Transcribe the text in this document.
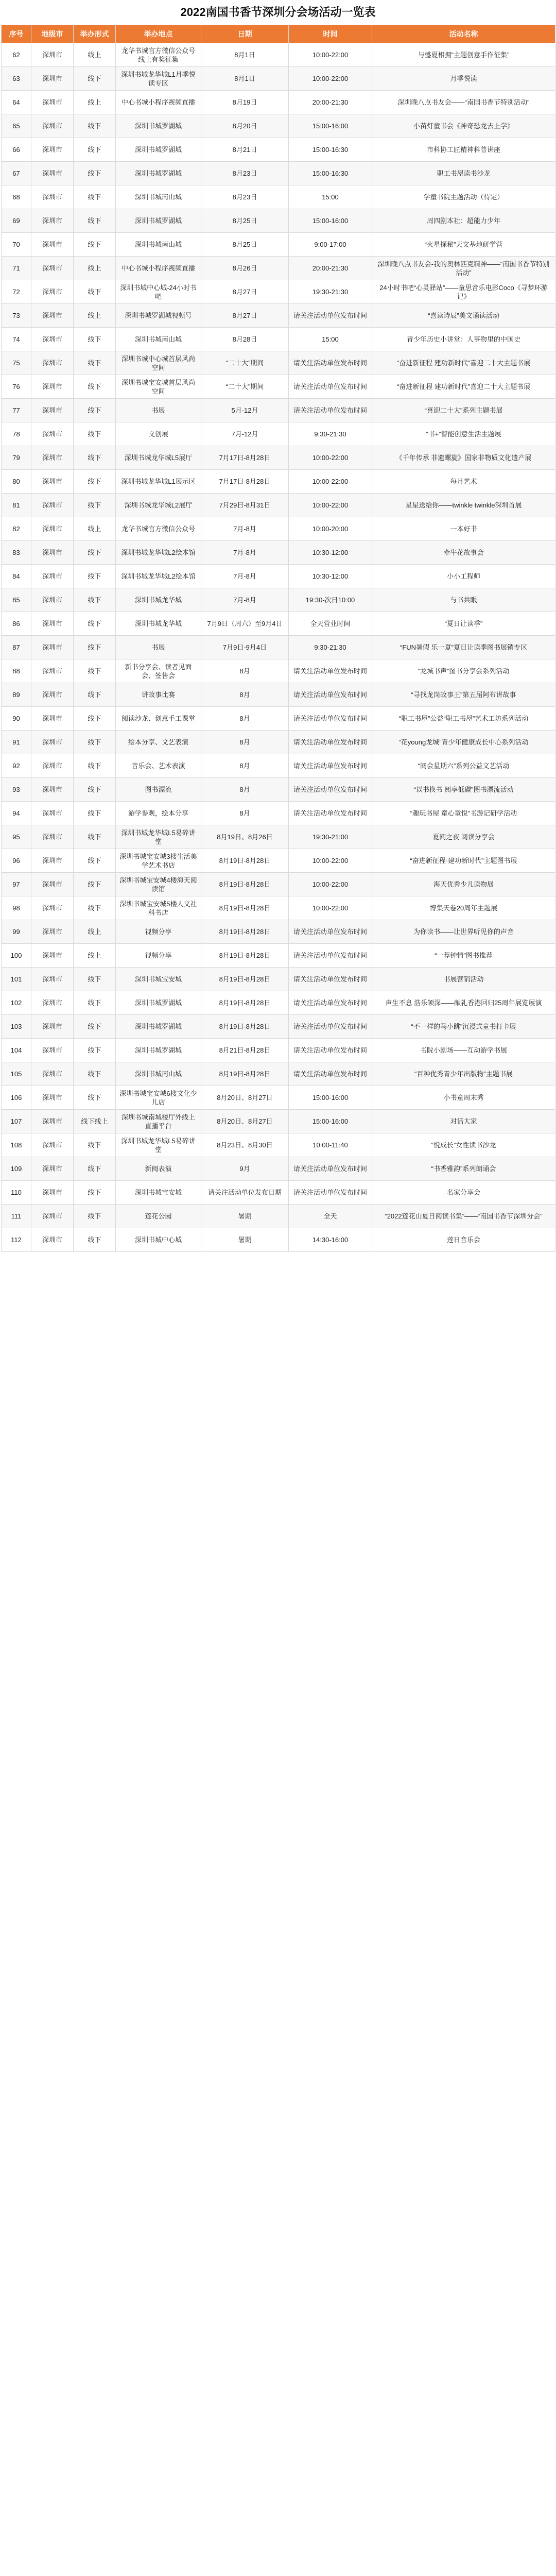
2022南国书香节深圳分会场活动一览表
序号	地级市	举办形式	举办地点	日期	时间	活动名称
62	深圳市	线上	龙华书城官方微信公众号线上有奖征集	8月1日	10:00-22:00	与盛夏相拥“主题创意手作征集”
63	深圳市	线下	深圳书城龙华城L1月季悦读专区	8月1日	10:00-22:00	月季悦读
64	深圳市	线上	中心书城小程序视频直播	8月19日	20:00-21:30	深圳晚八点书友会——“南国书香节特别活动”
65	深圳市	线下	深圳书城罗湖城	8月20日	15:00-16:00	小苗灯童书会《神奇恐龙去上学》
66	深圳市	线下	深圳书城罗湖城	8月21日	15:00-16:30	市科协工匠精神科普讲座
67	深圳市	线下	深圳书城罗湖城	8月23日	15:00-16:30	职工书屋读书沙龙
68	深圳市	线下	深圳书城南山城	8月23日	15:00	学童书院主题活动（待定）
69	深圳市	线下	深圳书城罗湖城	8月25日	15:00-16:00	周四剧本社：超能力少年
70	深圳市	线下	深圳书城南山城	8月25日	9:00-17:00	“火星探秘”天文基地研学营
71	深圳市	线上	中心书城小程序视频直播	8月26日	20:00-21:30	深圳晚八点书友会-我的奥林匹克精神——“南国书香节特别活动”
72	深圳市	线下	深圳书城中心城-24小时书吧	8月27日	19:30-21:30	24小时书吧“心灵驿站”——童思音乐电影Coco《寻梦环游记》
73	深圳市	线上	深圳书城罗湖城视频号	8月27日	请关注活动单位发布时间	“喜读诗辰”美文诵读活动
74	深圳市	线下	深圳书城南山城	8月28日	15:00	青少年历史小讲堂：人事物里的中国史
75	深圳市	线下	深圳书城中心城首层风尚空间	“二十大”期间	请关注活动单位发布时间	“奋进新征程 建功新时代”喜迎二十大主题书展
76	深圳市	线下	深圳书城宝安城首层风尚空间	“二十大”期间	请关注活动单位发布时间	“奋进新征程 建功新时代”喜迎二十大主题书展
77	深圳市	线下	书展	5月-12月	请关注活动单位发布时间	“喜迎二十大”系列主题书展
78	深圳市	线下	文创展	7月-12月	9:30-21:30	“书+”智能创意生活主题展
79	深圳市	线下	深圳书城龙华城L5展厅	7月17日-8月28日	10:00-22:00	《千年传承 非遗螺旋》国家非物质文化遗产展
80	深圳市	线下	深圳书城龙华城L1展示区	7月17日-8月28日	10:00-22:00	每月艺术
81	深圳市	线下	深圳书城龙华城L2展厅	7月29日-8月31日	10:00-22:00	星星送给你——twinkle twinkle深圳首展
82	深圳市	线上	龙华书城官方微信公众号	7月-8月	10:00-20:00	一本好书
83	深圳市	线下	深圳书城龙华城L2绘本馆	7月-8月	10:30-12:00	牵牛花故事会
84	深圳市	线下	深圳书城龙华城L2绘本馆	7月-8月	10:30-12:00	小小工程师
85	深圳市	线下	深圳书城龙华城	7月-8月	19:30-次日10:00	与书共眠
86	深圳市	线下	深圳书城龙华城	7月9日（周六）至9月4日	全天营业时间	“夏日让读季”
87	深圳市	线下	书展	7月9日-9月4日	9:30-21:30	“FUN暑假 乐一夏”夏日让读季图书展销专区
88	深圳市	线下	新书分享会、读者见面会、签售会	8月	请关注活动单位发布时间	“龙城书声”图书分享会系列活动
89	深圳市	线下	讲故事比赛	8月	请关注活动单位发布时间	“寻找龙岗故事王”第五届阿布讲故事
90	深圳市	线下	阅读沙龙、创意手工课堂	8月	请关注活动单位发布时间	“职工书屋”公益“职工书屋”艺术工坊系列活动
91	深圳市	线下	绘本分享、文艺表演	8月	请关注活动单位发布时间	“花young龙城”青少年健康成长中心系列活动
92	深圳市	线下	音乐会、艺术表演	8月	请关注活动单位发布时间	“阅会星期六”系列公益文艺活动
93	深圳市	线下	图书漂流	8月	请关注活动单位发布时间	“以书换书 阅享低碳”图书漂流活动
94	深圳市	线下	游学参观，绘本分享	8月	请关注活动单位发布时间	“趣玩书屋 童心童悦”书游记研学活动
95	深圳市	线下	深圳书城龙华城L5易碎讲堂	8月19日、8月26日	19:30-21:00	夏阅之夜 阅读分享会
96	深圳市	线下	深圳书城宝安城3楼生活美学艺术书店	8月19日-8月28日	10:00-22:00	“奋进新征程·建功新时代”主题图书展
97	深圳市	线下	深圳书城宝安城4楼海天阅读馆	8月19日-8月28日	10:00-22:00	海天优秀少儿读物展
98	深圳市	线下	深圳书城宝安城5楼人文社科书店	8月19日-8月28日	10:00-22:00	博集天卷20周年主题展
99	深圳市	线上	视频分享	8月19日-8月28日	请关注活动单位发布时间	为你读书——让世界听见你的声音
100	深圳市	线上	视频分享	8月19日-8月28日	请关注活动单位发布时间	“一荐钟情”图书推荐
101	深圳市	线下	深圳书城宝安城	8月19日-8月28日	请关注活动单位发布时间	书展营销活动
102	深圳市	线下	深圳书城罗湖城	8月19日-8月28日	请关注活动单位发布时间	声生不息 浩乐领深——献礼香港回归25周年展览展演
103	深圳市	线下	深圳书城罗湖城	8月19日-8月28日	请关注活动单位发布时间	“不一样的马小跳”沉浸式童书打卡展
104	深圳市	线下	深圳书城罗湖城	8月21日-8月28日	请关注活动单位发布时间	书院小剧场——互动游学书展
105	深圳市	线下	深圳书城南山城	8月19日-8月28日	请关注活动单位发布时间	“百种优秀青少年出版物”主题书展
106	深圳市	线下	深圳书城宝安城6楼文化少儿店	8月20日、8月27日	15:00-16:00	小书童周末秀
107	深圳市	线下线上	深圳书城南城楼厅外线上直播平台	8月20日、8月27日	15:00-16:00	对话大家
108	深圳市	线下	深圳书城龙华城L5易碎讲堂	8月23日、8月30日	10:00-11:40	“悦成长”女性读书沙龙
109	深圳市	线下	新阅表演	9月	请关注活动单位发布时间	“书香雅韵”系列朗诵会
110	深圳市	线下	深圳书城宝安城	请关注活动单位发布日期	请关注活动单位发布时间	名家分享会
111	深圳市	线下	莲花公园	暑期	全天	“2022莲花山夏日阅读书集”——“南国书香节深圳分会”
112	深圳市	线下	深圳书城中心城	暑期	14:30-16:00	莲日音乐会
